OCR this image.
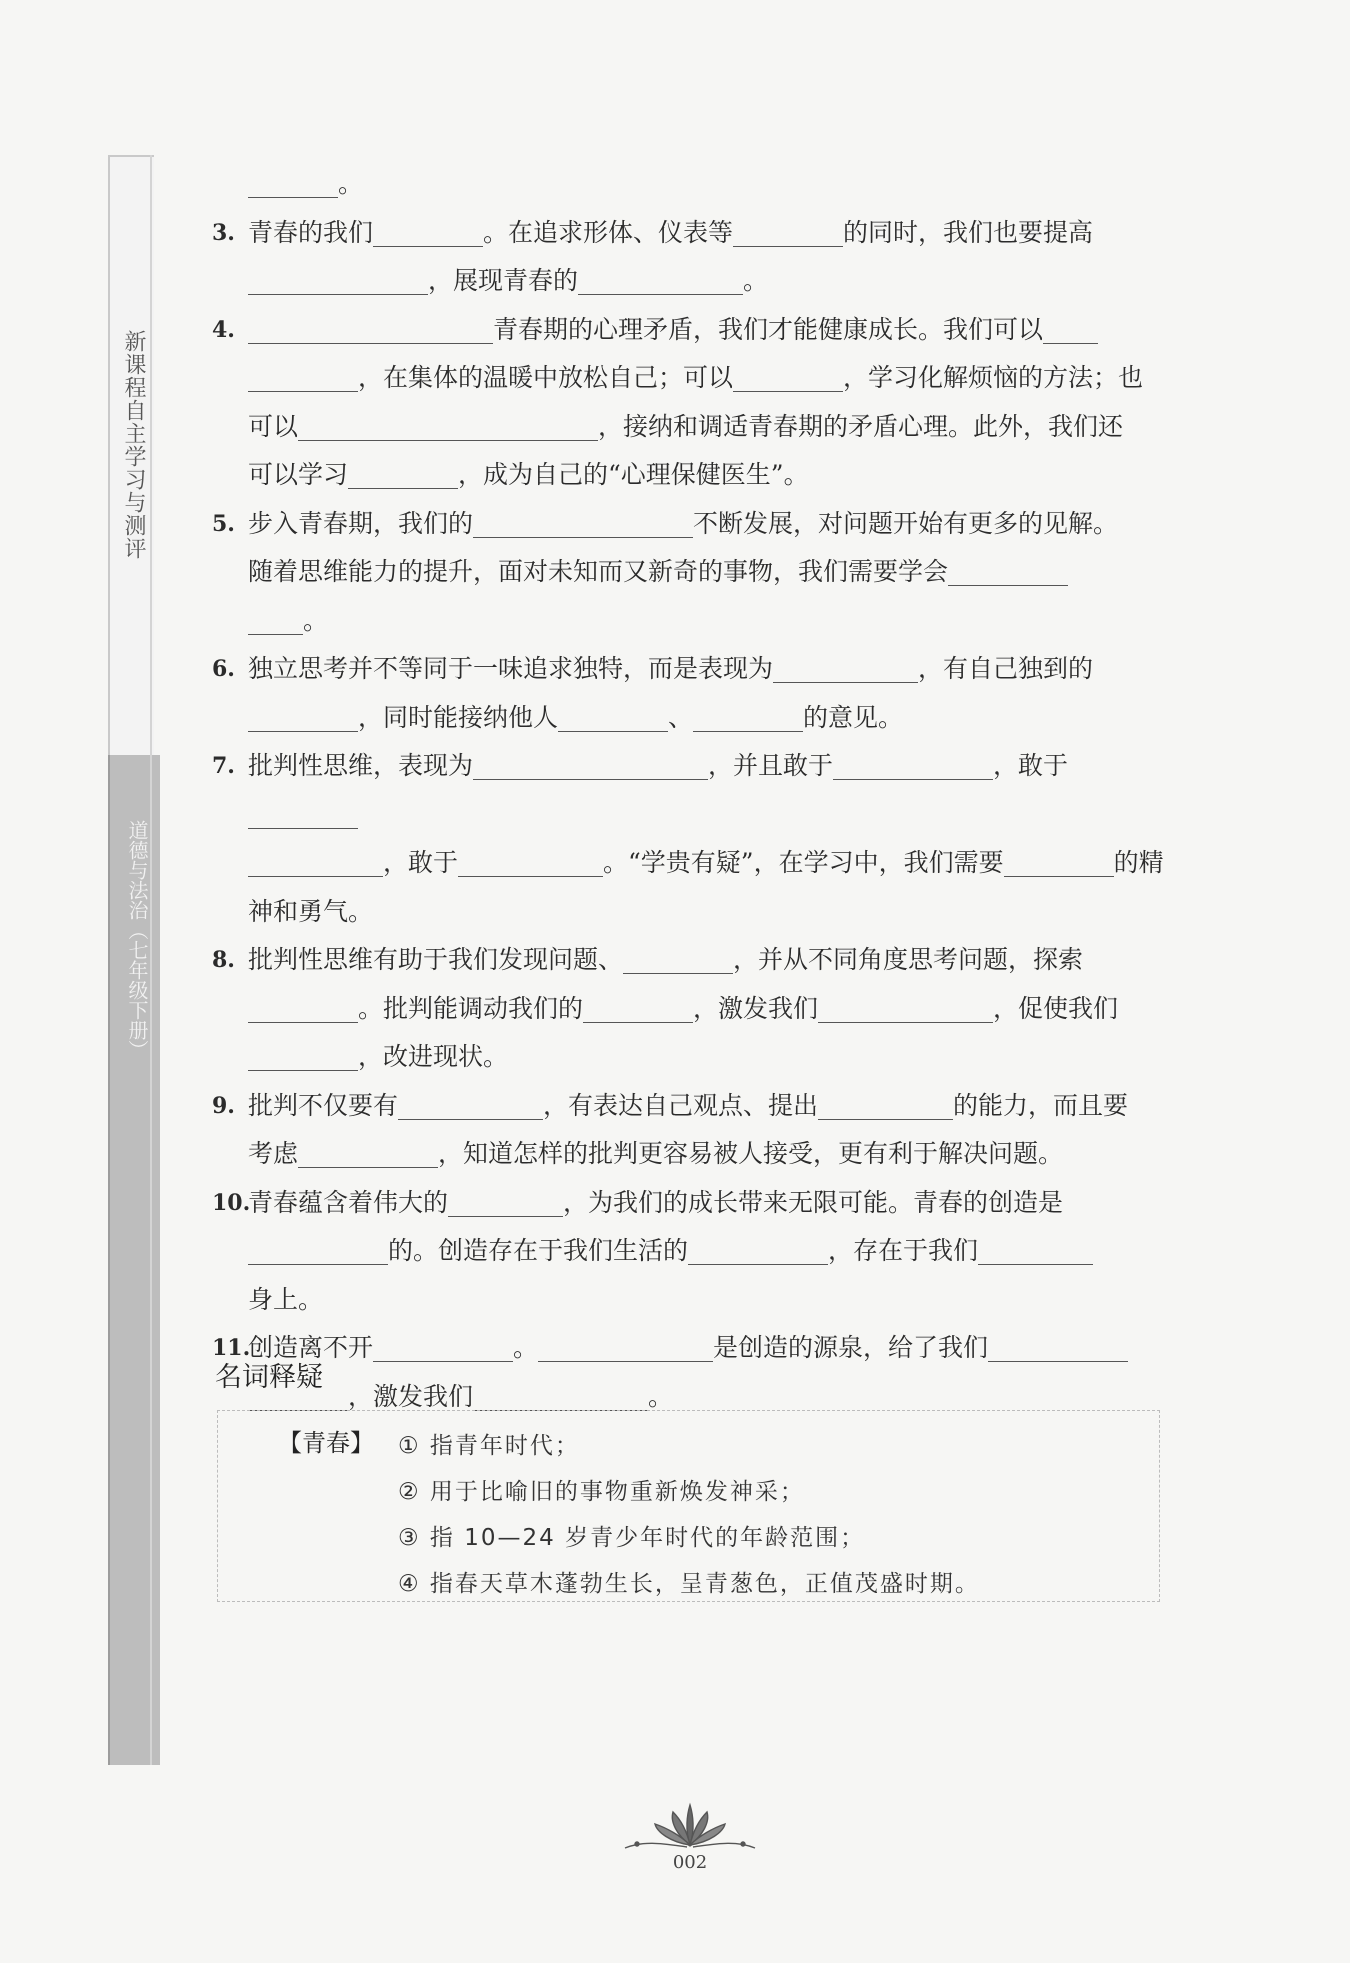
新课程自主学习与测评
道德与法治（七年级下册）
。
3. 青春的我们	。在追求形体、仪表等	的同时，我们也要提高
，展现青春的	。
4.	青春期的心理矛盾，我们才能健康成长。我们可以
，在集体的温暖中放松自己；可以	，学习化解烦恼的方法；也
可以	，接纳和调适青春期的矛盾心理。此外，我们还
可以学习	，成为自己的“心理保健医生”。
5. 步入青春期，我们的	不断发展，对问题开始有更多的见解。
随着思维能力的提升，面对未知而又新奇的事物，我们需要学会
。
6. 独立思考并不等同于一味追求独特，而是表现为	，有自己独到的
，同时能接纳他人	、	的意见。
7. 批判性思维，表现为	，并且敢于	，敢于
，敢于	。“学贵有疑”，在学习中，我们需要	的精
神和勇气。
8. 批判性思维有助于我们发现问题、	，并从不同角度思考问题，探索
。批判能调动我们的	，激发我们	，促使我们
，改进现状。
9. 批判不仅要有	，有表达自己观点、提出	的能力，而且要
考虑	，知道怎样的批判更容易被人接受，更有利于解决问题。
10.
青春蕴含着伟大的	，为我们的成长带来无限可能。青春的创造是
的。创造存在于我们生活的	，存在于我们
身上。
11.
创造离不开	。	是创造的源泉，给了我们
，激发我们	。
名词释疑
【青春】 ① 指青年时代；
② 用于比喻旧的事物重新焕发神采；
③ 指 10—24 岁青少年时代的年龄范围；
④ 指春天草木蓬勃生长，呈青葱色，正值茂盛时期。
002
